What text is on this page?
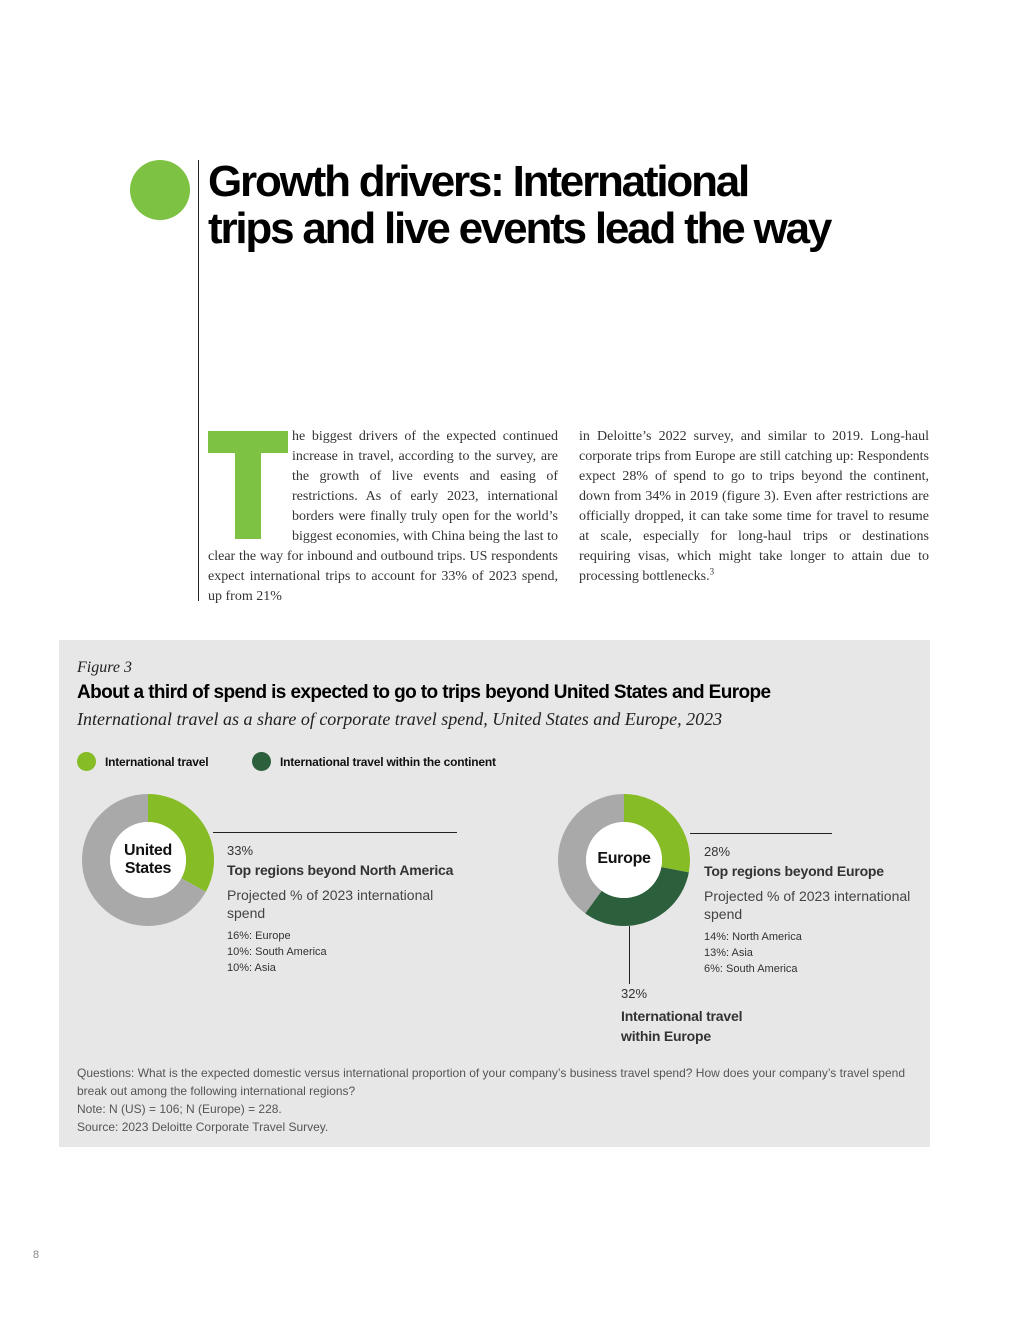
Growth drivers: International
trips and live events lead the way

he biggest drivers of the expected continued increase in travel, according to the survey, are the growth of live events and easing of restrictions. As of early 2023, international borders were finally truly open for the world’s biggest economies, with China being the last to clear the way for inbound and outbound trips. US respondents expect international trips to account for 33% of 2023 spend, up from 21%

in Deloitte’s 2022 survey, and similar to 2019. Long-haul corporate trips from Europe are still catching up: Respondents expect 28% of spend to go to trips beyond the continent, down from 34% in 2019 (figure 3). Even after restrictions are officially dropped, it can take some time for travel to resume at scale, especially for long-haul trips or destinations requiring visas, which might take longer to attain due to processing bottlenecks.$^3$

Figure 3
About a third of spend is expected to go to trips beyond United States and Europe
International travel as a share of corporate travel spend, United States and Europe, 2023
International travel	International travel within the continent
United
States
33%
Top regions beyond North America
Projected % of 2023 international spend
16%: Europe
10%: South America
10%: Asia
Europe	28%
Top regions beyond Europe
Projected % of 2023 international spend
14%: North America
13%: Asia
6%: South America
32%
International travel
within Europe
Questions: What is the expected domestic versus international proportion of your company’s business travel spend? How does your company’s travel spend break out among the following international regions?
Note: N (US) = 106; N (Europe) = 228.
Source: 2023 Deloitte Corporate Travel Survey.
8
